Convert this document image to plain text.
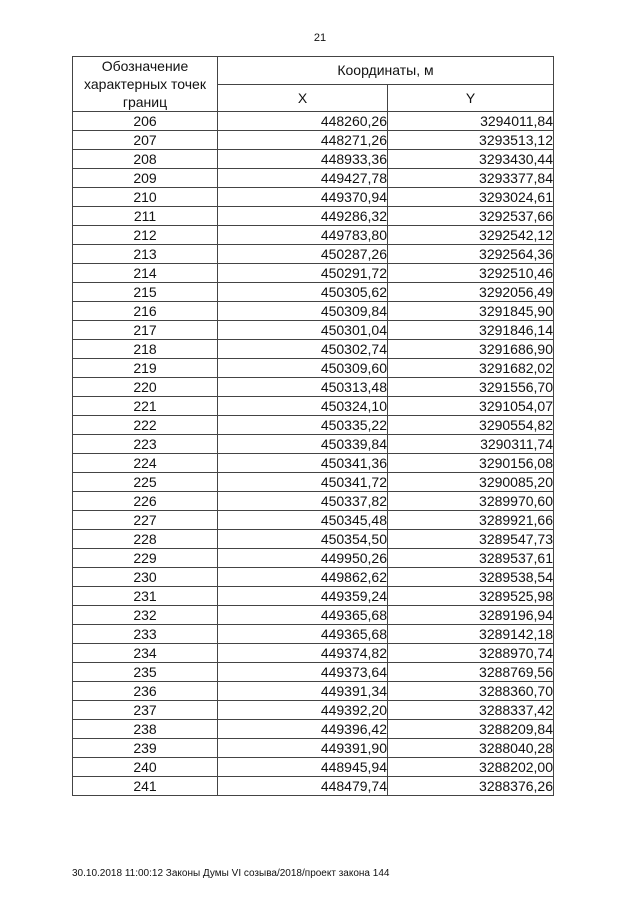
21
Обозначение характерных точек границ	Координаты, м	
	X	Y
206	448260,26	3294011,84
207	448271,26	3293513,12
208	448933,36	3293430,44
209	449427,78	3293377,84
210	449370,94	3293024,61
211	449286,32	3292537,66
212	449783,80	3292542,12
213	450287,26	3292564,36
214	450291,72	3292510,46
215	450305,62	3292056,49
216	450309,84	3291845,90
217	450301,04	3291846,14
218	450302,74	3291686,90
219	450309,60	3291682,02
220	450313,48	3291556,70
221	450324,10	3291054,07
222	450335,22	3290554,82
223	450339,84	3290311,74
224	450341,36	3290156,08
225	450341,72	3290085,20
226	450337,82	3289970,60
227	450345,48	3289921,66
228	450354,50	3289547,73
229	449950,26	3289537,61
230	449862,62	3289538,54
231	449359,24	3289525,98
232	449365,68	3289196,94
233	449365,68	3289142,18
234	449374,82	3288970,74
235	449373,64	3288769,56
236	449391,34	3288360,70
237	449392,20	3288337,42
238	449396,42	3288209,84
239	449391,90	3288040,28
240	448945,94	3288202,00
241	448479,74	3288376,26
30.10.2018 11:00:12 Законы Думы VI созыва/2018/проект закона 144
